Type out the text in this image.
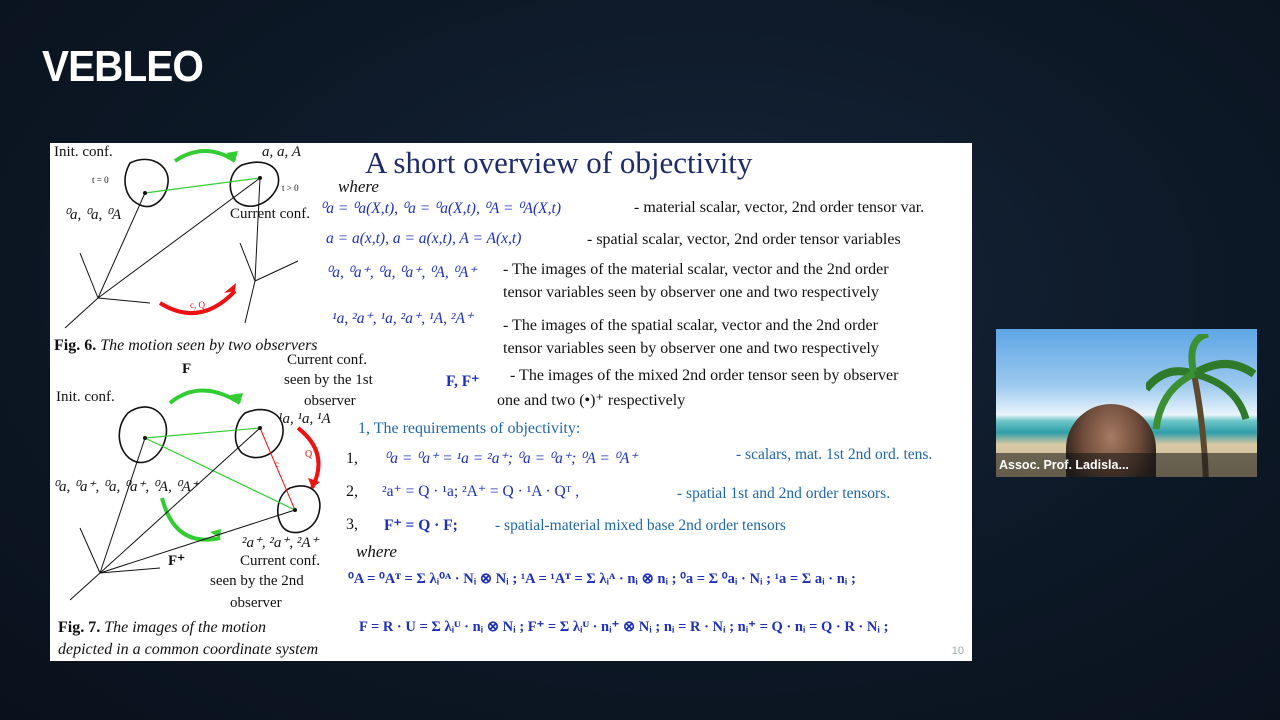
VEBLEO
Init. conf.
Current conf.
a, a, A
⁰a, ⁰a, ⁰A
t = 0
t > 0
c, Q
Fig. 6. The motion seen by two observers
Init. conf.
Current conf.
seen by the 1st
observer
Current conf.
seen by the 2nd
observer
F
F⁺
¹a, ¹a, ¹A
²a⁺, ²a⁺, ²A⁺
⁰a, ⁰a⁺, ⁰a, ⁰a⁺, ⁰A, ⁰A⁺
Q
c
Fig. 7. The images of the motion
depicted in a common coordinate system
A short overview of objectivity
where
⁰a = ⁰a(X,t), ⁰a = ⁰a(X,t), ⁰A = ⁰A(X,t)	- material scalar, vector, 2nd order tensor var.
a = a(x,t), a = a(x,t), A = A(x,t)	- spatial scalar, vector, 2nd order tensor variables
⁰a, ⁰a⁺, ⁰a, ⁰a⁺, ⁰A, ⁰A⁺ - The images of the material scalar, vector and the 2nd order
tensor variables seen by observer one and two respectively
¹a, ²a⁺, ¹a, ²a⁺, ¹A, ²A⁺ - The images of the spatial scalar, vector and the 2nd order
tensor variables seen by observer one and two respectively
F, F⁺ - The images of the mixed 2nd order tensor seen by observer
one and two (•)⁺ respectively
1, The requirements of objectivity:
1, ⁰a = ⁰a⁺ = ¹a = ²a⁺; ⁰a = ⁰a⁺; ⁰A = ⁰A⁺	- scalars, mat. 1st 2nd ord. tens.
2, ²a⁺ = Q · ¹a; ²A⁺ = Q · ¹A · Qᵀ ,	- spatial 1st and 2nd order tensors.
3, F⁺ = Q · F; - spatial-material mixed base 2nd order tensors
where
⁰A = ⁰Aᵀ = Σ λᵢ⁰ᴬ · Nᵢ ⊗ Nᵢ ; ¹A = ¹Aᵀ = Σ λᵢᴬ · nᵢ ⊗ nᵢ ; ⁰a = Σ ⁰aᵢ · Nᵢ ; ¹a = Σ aᵢ · nᵢ ;
F = R · U = Σ λᵢᵁ · nᵢ ⊗ Nᵢ ; F⁺ = Σ λᵢᵁ · nᵢ⁺ ⊗ Nᵢ ; nᵢ = R · Nᵢ ; nᵢ⁺ = Q · nᵢ = Q · R · Nᵢ ;
10
Assoc. Prof. Ladisla...
